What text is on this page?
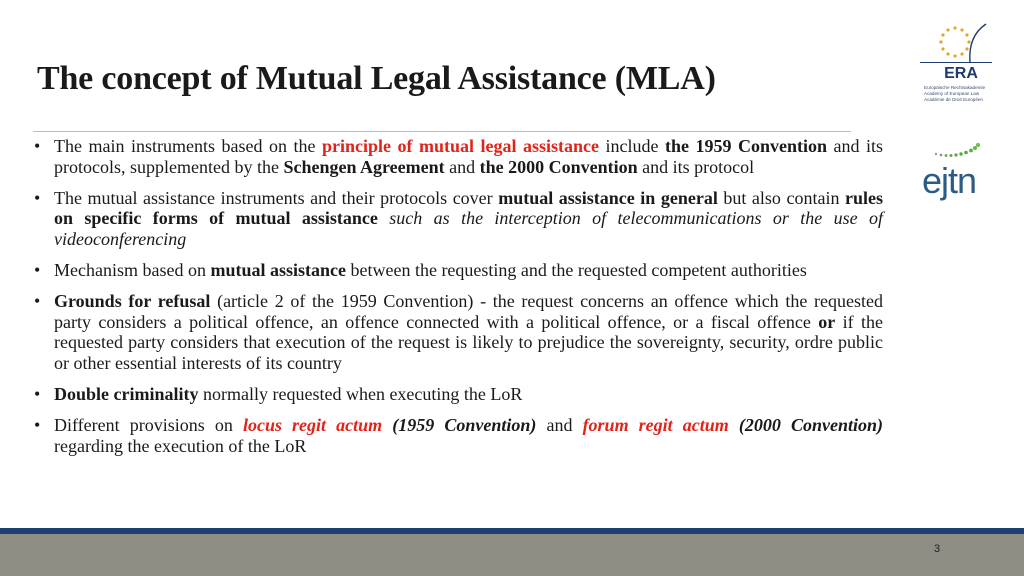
The concept of Mutual Legal Assistance (MLA)
• The main instruments based on the principle of mutual legal assistance include the 1959 Convention and its protocols, supplemented by the Schengen Agreement and the 2000 Convention and its protocol
• The mutual assistance instruments and their protocols cover mutual assistance in general but also contain rules on specific forms of mutual assistance such as the interception of telecommunications or the use of videoconferencing
• Mechanism based on mutual assistance between the requesting and the requested competent authorities
• Grounds for refusal (article 2 of the 1959 Convention) - the request concerns an offence which the requested party considers a political offence, an offence connected with a political offence, or a fiscal offence or if the requested party considers that execution of the request is likely to prejudice the sovereignty, security, ordre public or other essential interests of its country
• Double criminality normally requested when executing the LoR
• Different provisions on locus regit actum (1959 Convention) and forum regit actum (2000 Convention) regarding the execution of the LoR
ERA
Europäische Rechtsakademie
Academy of European Law
Académie de Droit Européen
ejtn
3
